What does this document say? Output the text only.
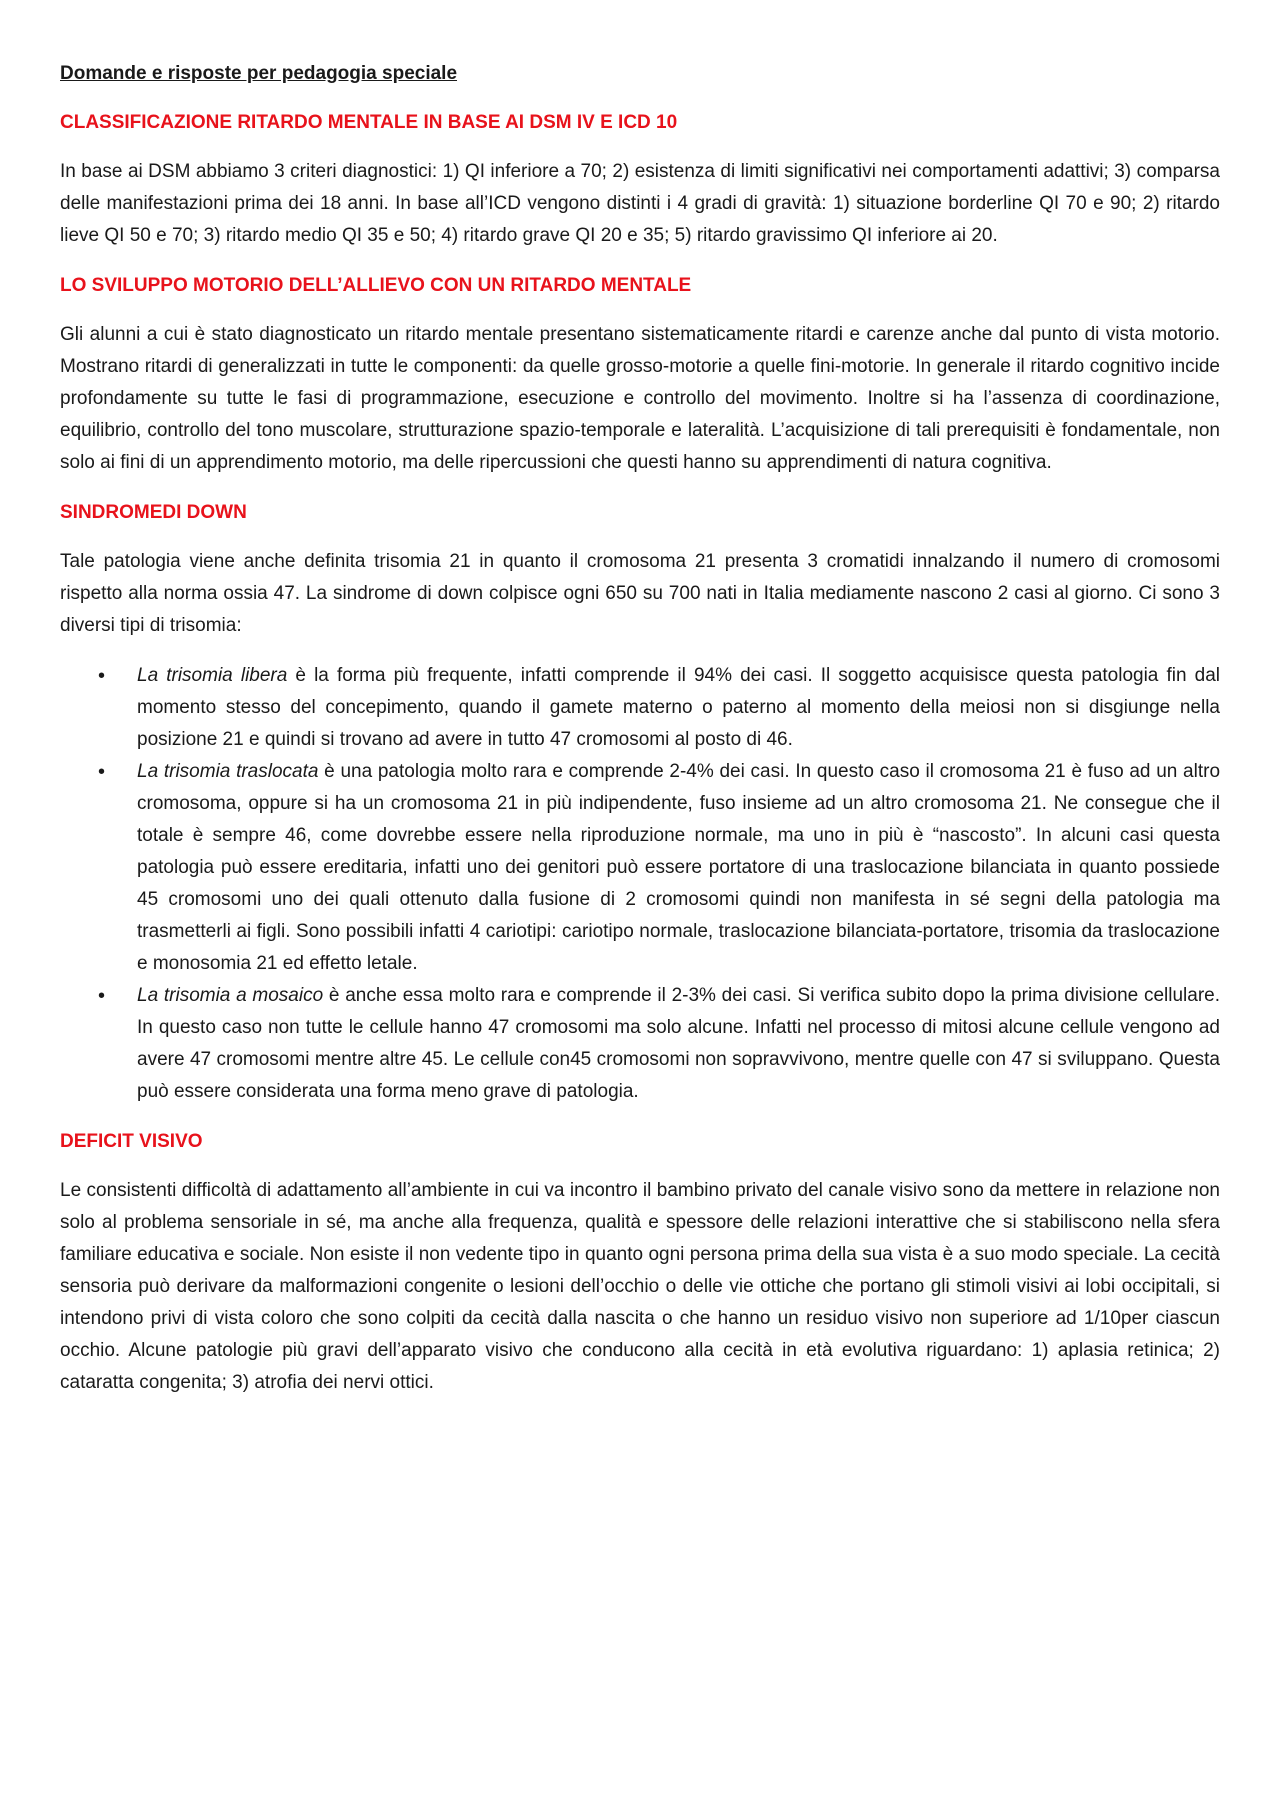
Domande e risposte per pedagogia speciale
CLASSIFICAZIONE RITARDO MENTALE IN BASE AI DSM IV E ICD 10

In base ai DSM abbiamo 3 criteri diagnostici: 1) QI inferiore a 70; 2) esistenza di limiti significativi nei comportamenti adattivi; 3) comparsa delle manifestazioni prima dei 18 anni. In base all’ICD vengono distinti i 4 gradi di gravità: 1) situazione borderline QI 70 e 90; 2) ritardo lieve QI 50 e 70; 3) ritardo medio QI 35 e 50; 4) ritardo grave QI 20 e 35; 5) ritardo gravissimo QI inferiore ai 20.

LO SVILUPPO MOTORIO DELL’ALLIEVO CON UN RITARDO MENTALE

Gli alunni a cui è stato diagnosticato un ritardo mentale presentano sistematicamente ritardi e carenze anche dal punto di vista motorio. Mostrano ritardi di generalizzati in tutte le componenti: da quelle grosso-motorie a quelle fini-motorie. In generale il ritardo cognitivo incide profondamente su tutte le fasi di programmazione, esecuzione e controllo del movimento. Inoltre si ha l’assenza di coordinazione, equilibrio, controllo del tono muscolare, strutturazione spazio-temporale e lateralità. L’acquisizione di tali prerequisiti è fondamentale, non solo ai fini di un apprendimento motorio, ma delle ripercussioni che questi hanno su apprendimenti di natura cognitiva.

SINDROMEDI DOWN

Tale patologia viene anche definita trisomia 21 in quanto il cromosoma 21 presenta 3 cromatidi innalzando il numero di cromosomi rispetto alla norma ossia 47. La sindrome di down colpisce ogni 650 su 700 nati in Italia mediamente nascono 2 casi al giorno. Ci sono 3 diversi tipi di trisomia:

• La trisomia libera è la forma più frequente, infatti comprende il 94% dei casi. Il soggetto acquisisce questa patologia fin dal momento stesso del concepimento, quando il gamete materno o paterno al momento della meiosi non si disgiunge nella posizione 21 e quindi si trovano ad avere in tutto 47 cromosomi al posto di 46.
• La trisomia traslocata è una patologia molto rara e comprende 2-4% dei casi. In questo caso il cromosoma 21 è fuso ad un altro cromosoma, oppure si ha un cromosoma 21 in più indipendente, fuso insieme ad un altro cromosoma 21. Ne consegue che il totale è sempre 46, come dovrebbe essere nella riproduzione normale, ma uno in più è “nascosto”. In alcuni casi questa patologia può essere ereditaria, infatti uno dei genitori può essere portatore di una traslocazione bilanciata in quanto possiede 45 cromosomi uno dei quali ottenuto dalla fusione di 2 cromosomi quindi non manifesta in sé segni della patologia ma trasmetterli ai figli. Sono possibili infatti 4 cariotipi: cariotipo normale, traslocazione bilanciata-portatore, trisomia da traslocazione e monosomia 21 ed effetto letale.
• La trisomia a mosaico è anche essa molto rara e comprende il 2-3% dei casi. Si verifica subito dopo la prima divisione cellulare. In questo caso non tutte le cellule hanno 47 cromosomi ma solo alcune. Infatti nel processo di mitosi alcune cellule vengono ad avere 47 cromosomi mentre altre 45. Le cellule con45 cromosomi non sopravvivono, mentre quelle con 47 si sviluppano. Questa può essere considerata una forma meno grave di patologia.
DEFICIT VISIVO

Le consistenti difficoltà di adattamento all’ambiente in cui va incontro il bambino privato del canale visivo sono da mettere in relazione non solo al problema sensoriale in sé, ma anche alla frequenza, qualità e spessore delle relazioni interattive che si stabiliscono nella sfera familiare educativa e sociale. Non esiste il non vedente tipo in quanto ogni persona prima della sua vista è a suo modo speciale. La cecità sensoria può derivare da malformazioni congenite o lesioni dell’occhio o delle vie ottiche che portano gli stimoli visivi ai lobi occipitali, si intendono privi di vista coloro che sono colpiti da cecità dalla nascita o che hanno un residuo visivo non superiore ad 1/10per ciascun occhio. Alcune patologie più gravi dell’apparato visivo che conducono alla cecità in età evolutiva riguardano: 1) aplasia retinica; 2) cataratta congenita; 3) atrofia dei nervi ottici.
